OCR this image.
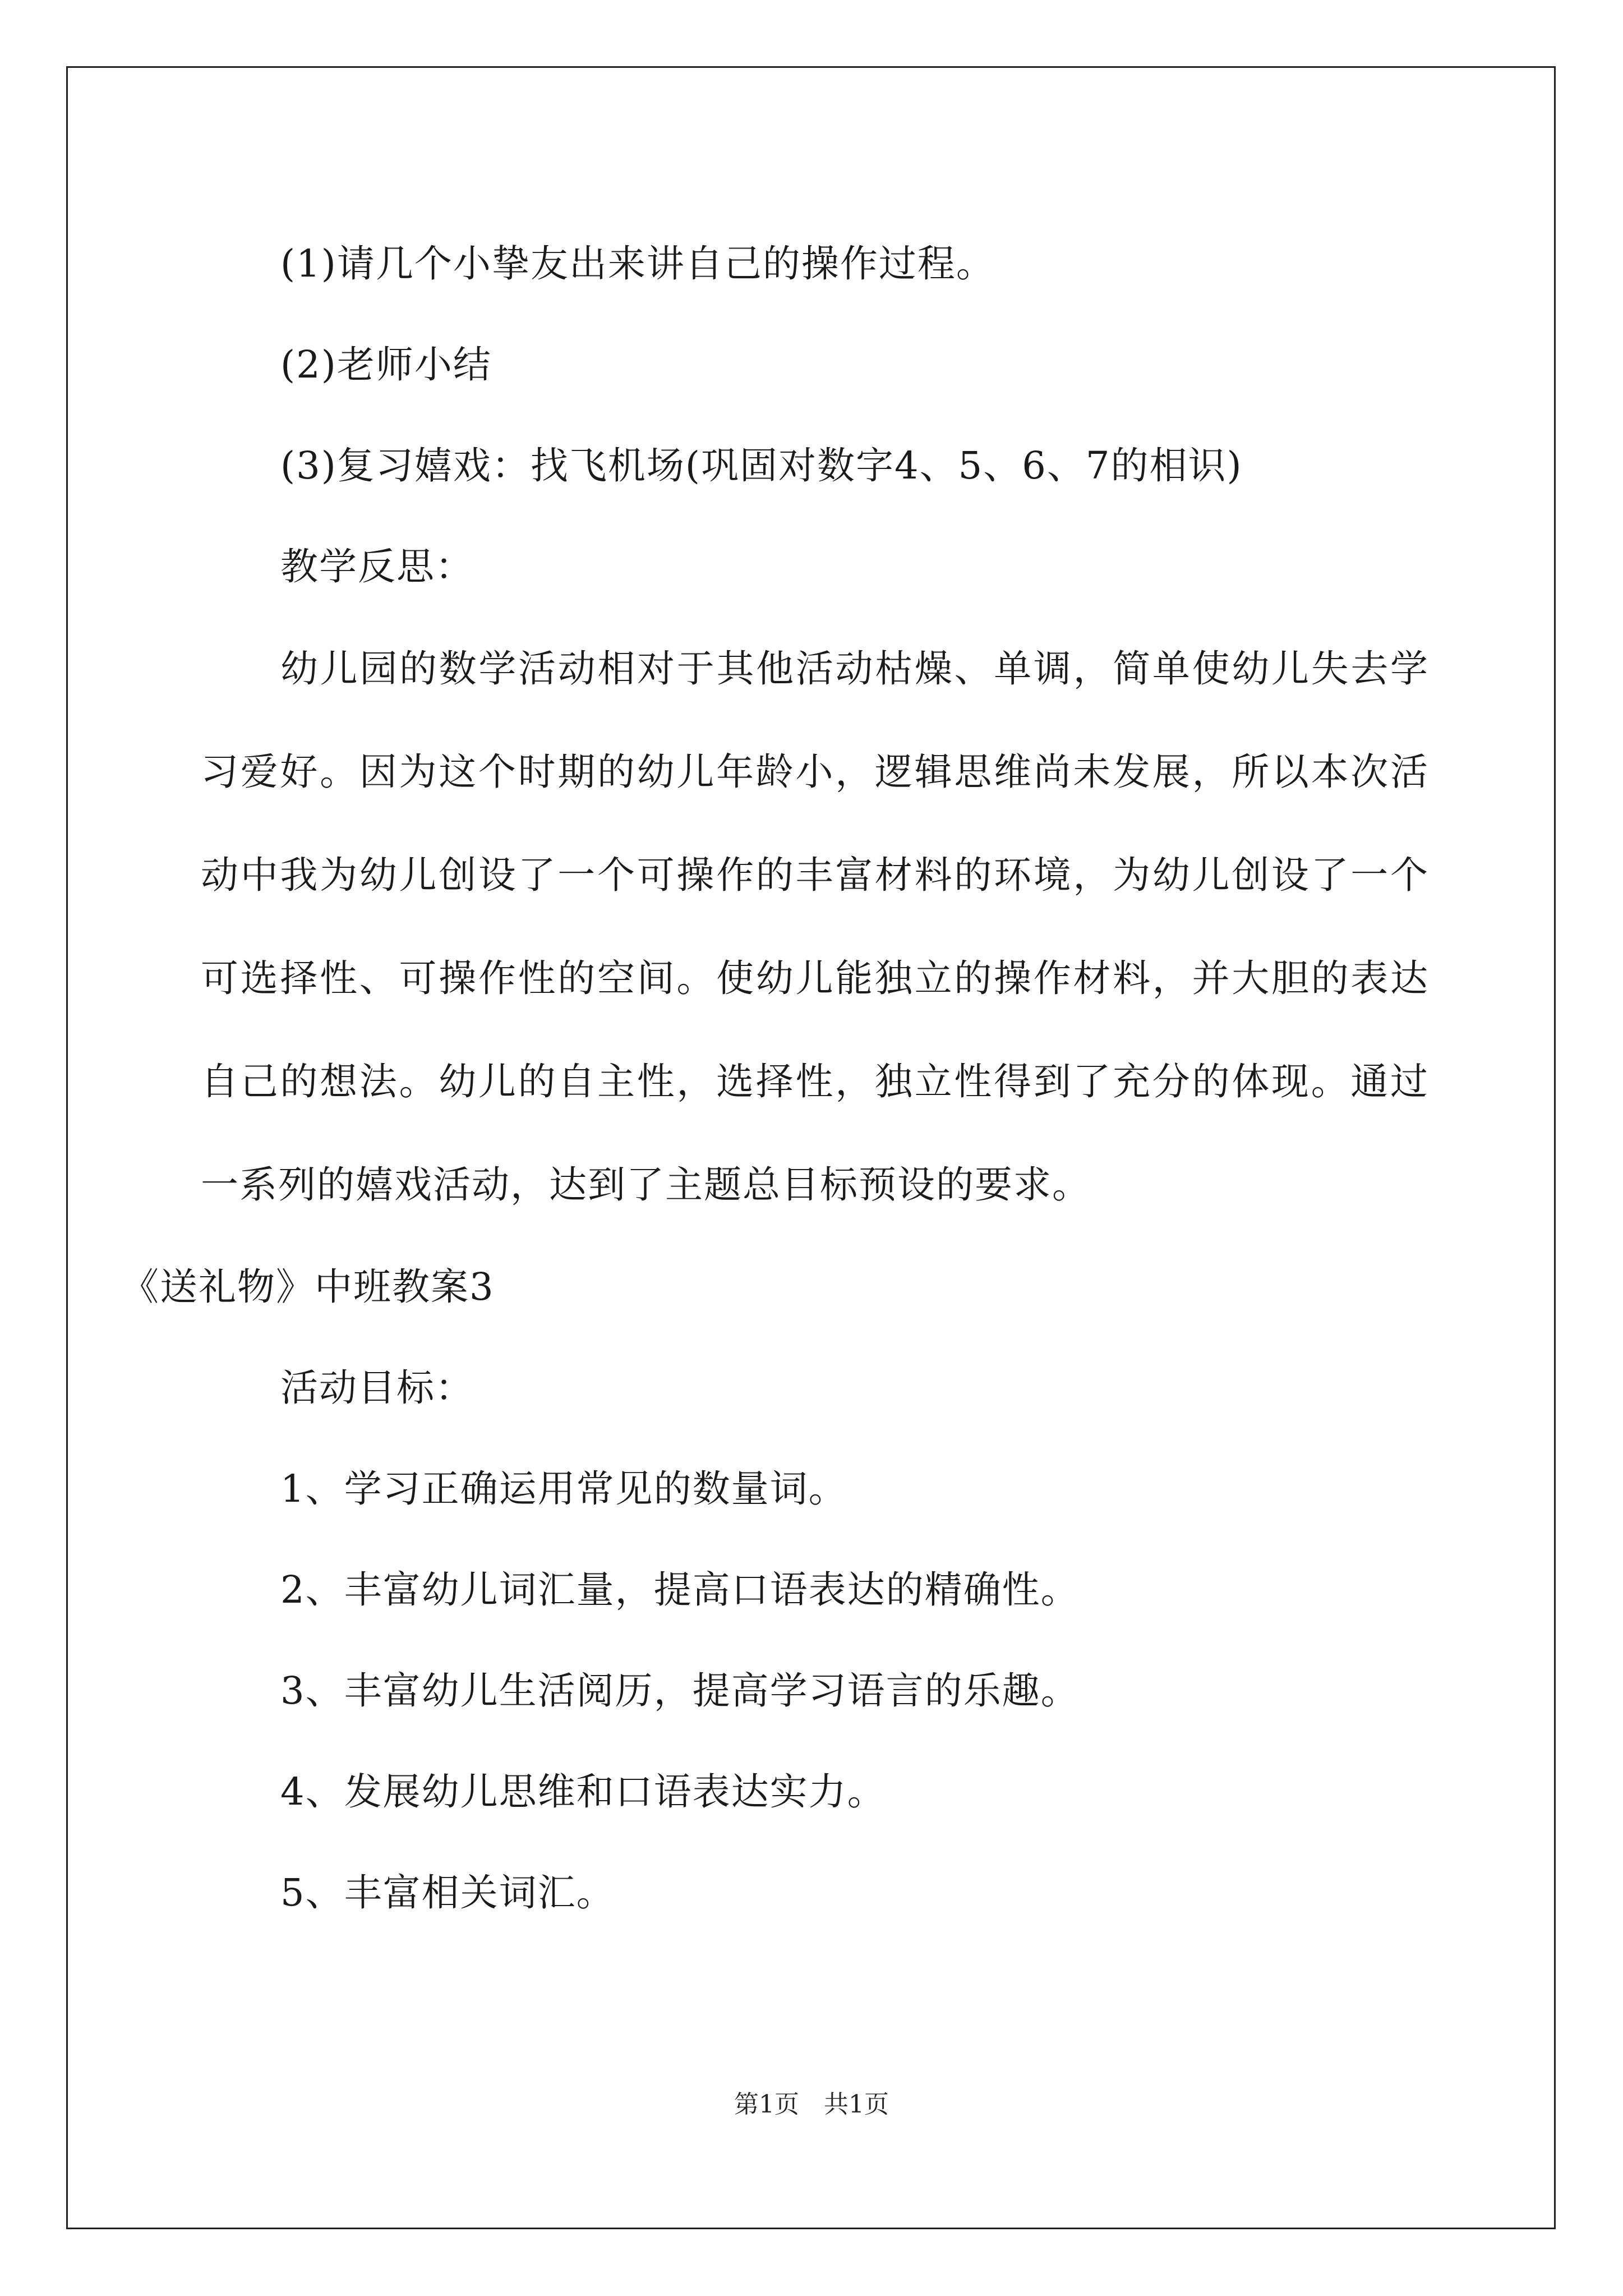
(1)请几个小挚友出来讲自己的操作过程。

(2)老师小结

(3)复习嬉戏：找飞机场(巩固对数字4、5、6、7的相识)

教学反思：

幼儿园的数学活动相对于其他活动枯燥、单调，简单使幼儿失去学习爱好。因为这个时期的幼儿年龄小，逻辑思维尚未发展，所以本次活动中我为幼儿创设了一个可操作的丰富材料的环境，为幼儿创设了一个可选择性、可操作性的空间。使幼儿能独立的操作材料，并大胆的表达自己的想法。幼儿的自主性，选择性，独立性得到了充分的体现。通过一系列的嬉戏活动，达到了主题总目标预设的要求。

《送礼物》中班教案3

活动目标：

1、学习正确运用常见的数量词。

2、丰富幼儿词汇量，提高口语表达的精确性。

3、丰富幼儿生活阅历，提高学习语言的乐趣。

4、发展幼儿思维和口语表达实力。

5、丰富相关词汇。

第1页　共1页
